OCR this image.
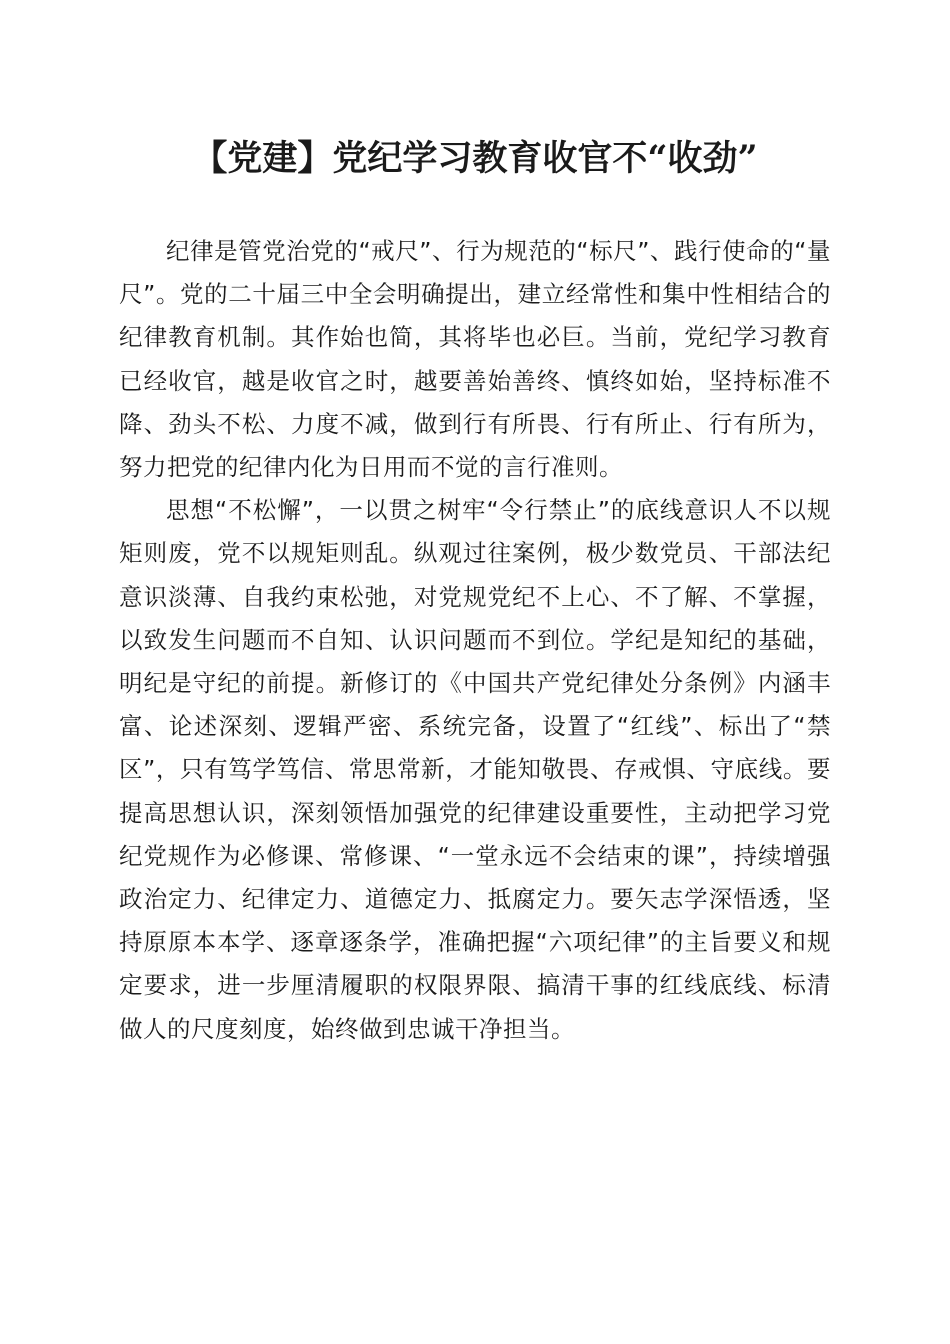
【党建】党纪学习教育收官不“收劲”

纪律是管党治党的“戒尺”、行为规范的“标尺”、践行使命的“量尺”。党的二十届三中全会明确提出，建立经常性和集中性相结合的纪律教育机制。其作始也简，其将毕也必巨。当前，党纪学习教育已经收官，越是收官之时，越要善始善终、慎终如始，坚持标准不降、劲头不松、力度不减，做到行有所畏、行有所止、行有所为，努力把党的纪律内化为日用而不觉的言行准则。

思想“不松懈”，一以贯之树牢“令行禁止”的底线意识人不以规矩则废，党不以规矩则乱。纵观过往案例，极少数党员、干部法纪意识淡薄、自我约束松弛，对党规党纪不上心、不了解、不掌握，以致发生问题而不自知、认识问题而不到位。学纪是知纪的基础，明纪是守纪的前提。新修订的《中国共产党纪律处分条例》内涵丰富、论述深刻、逻辑严密、系统完备，设置了“红线”、标出了“禁区”，只有笃学笃信、常思常新，才能知敬畏、存戒惧、守底线。要提高思想认识，深刻领悟加强党的纪律建设重要性，主动把学习党纪党规作为必修课、常修课、“一堂永远不会结束的课”，持续增强政治定力、纪律定力、道德定力、抵腐定力。要矢志学深悟透，坚持原原本本学、逐章逐条学，准确把握“六项纪律”的主旨要义和规定要求，进一步厘清履职的权限界限、搞清干事的红线底线、标清做人的尺度刻度，始终做到忠诚干净担当。
